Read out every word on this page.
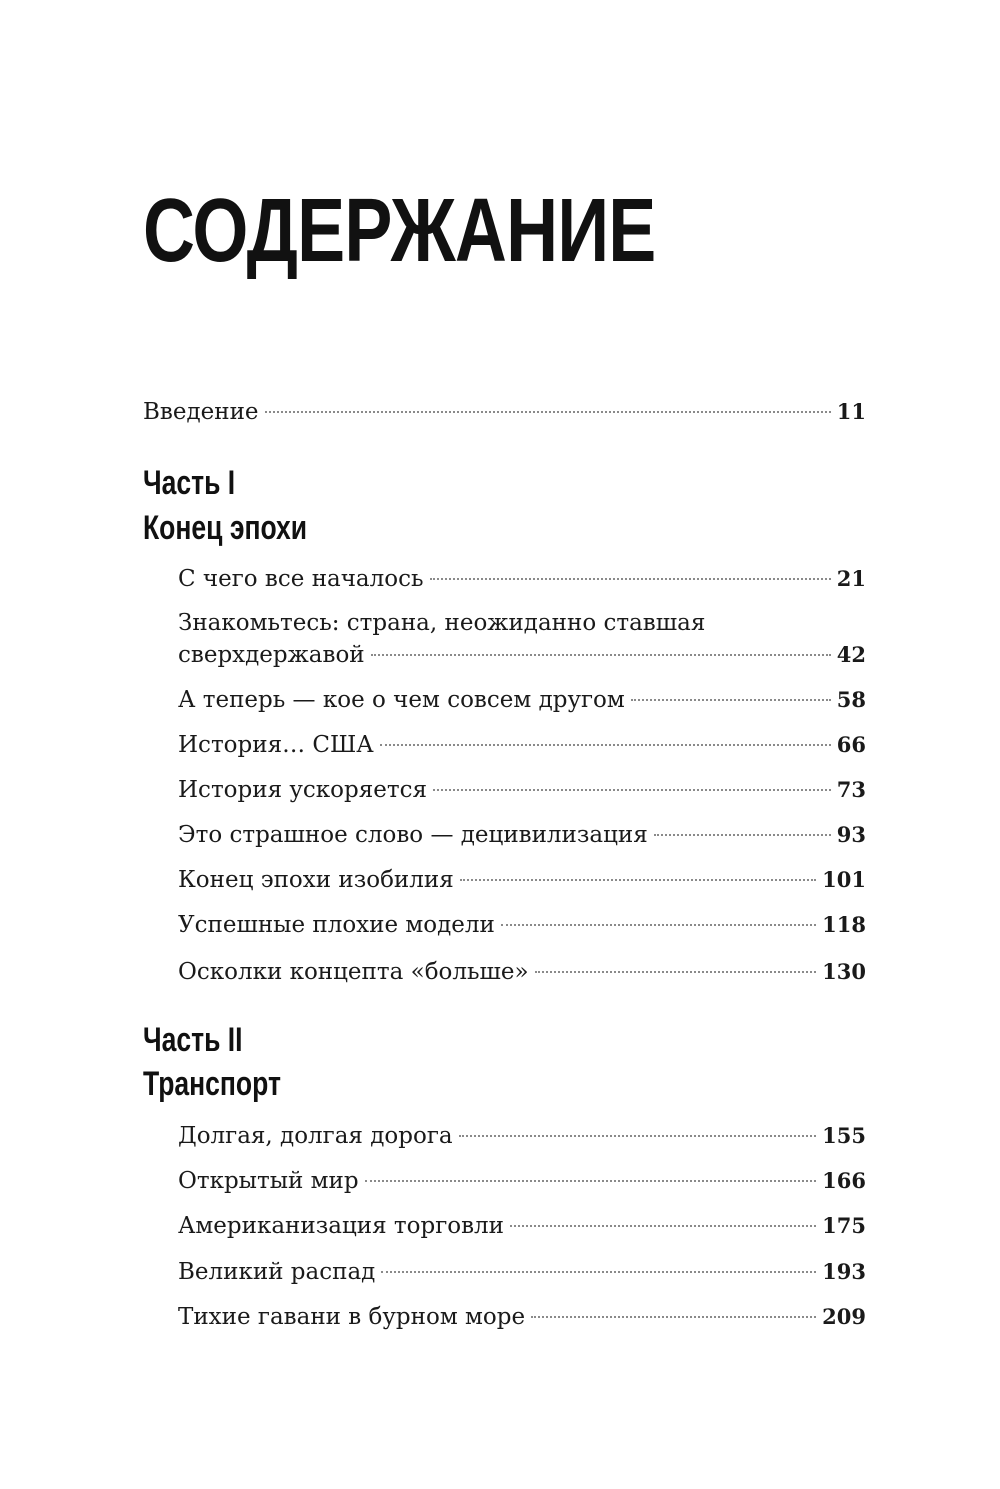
СОДЕРЖАНИЕ
Введение	11
Часть I
Конец эпохи
С чего все началось	21
Знакомьтесь: страна, неожиданно ставшая
сверхдержавой	42
А теперь — кое о чем совсем другом	58
История… США	66
История ускоряется	73
Это страшное слово — децивилизация	93
Конец эпохи изобилия	101
Успешные плохие модели	118
Осколки концепта «больше»	130
Часть II
Транспорт
Долгая, долгая дорога	155
Открытый мир	166
Американизация торговли	175
Великий распад	193
Тихие гавани в бурном море	209
